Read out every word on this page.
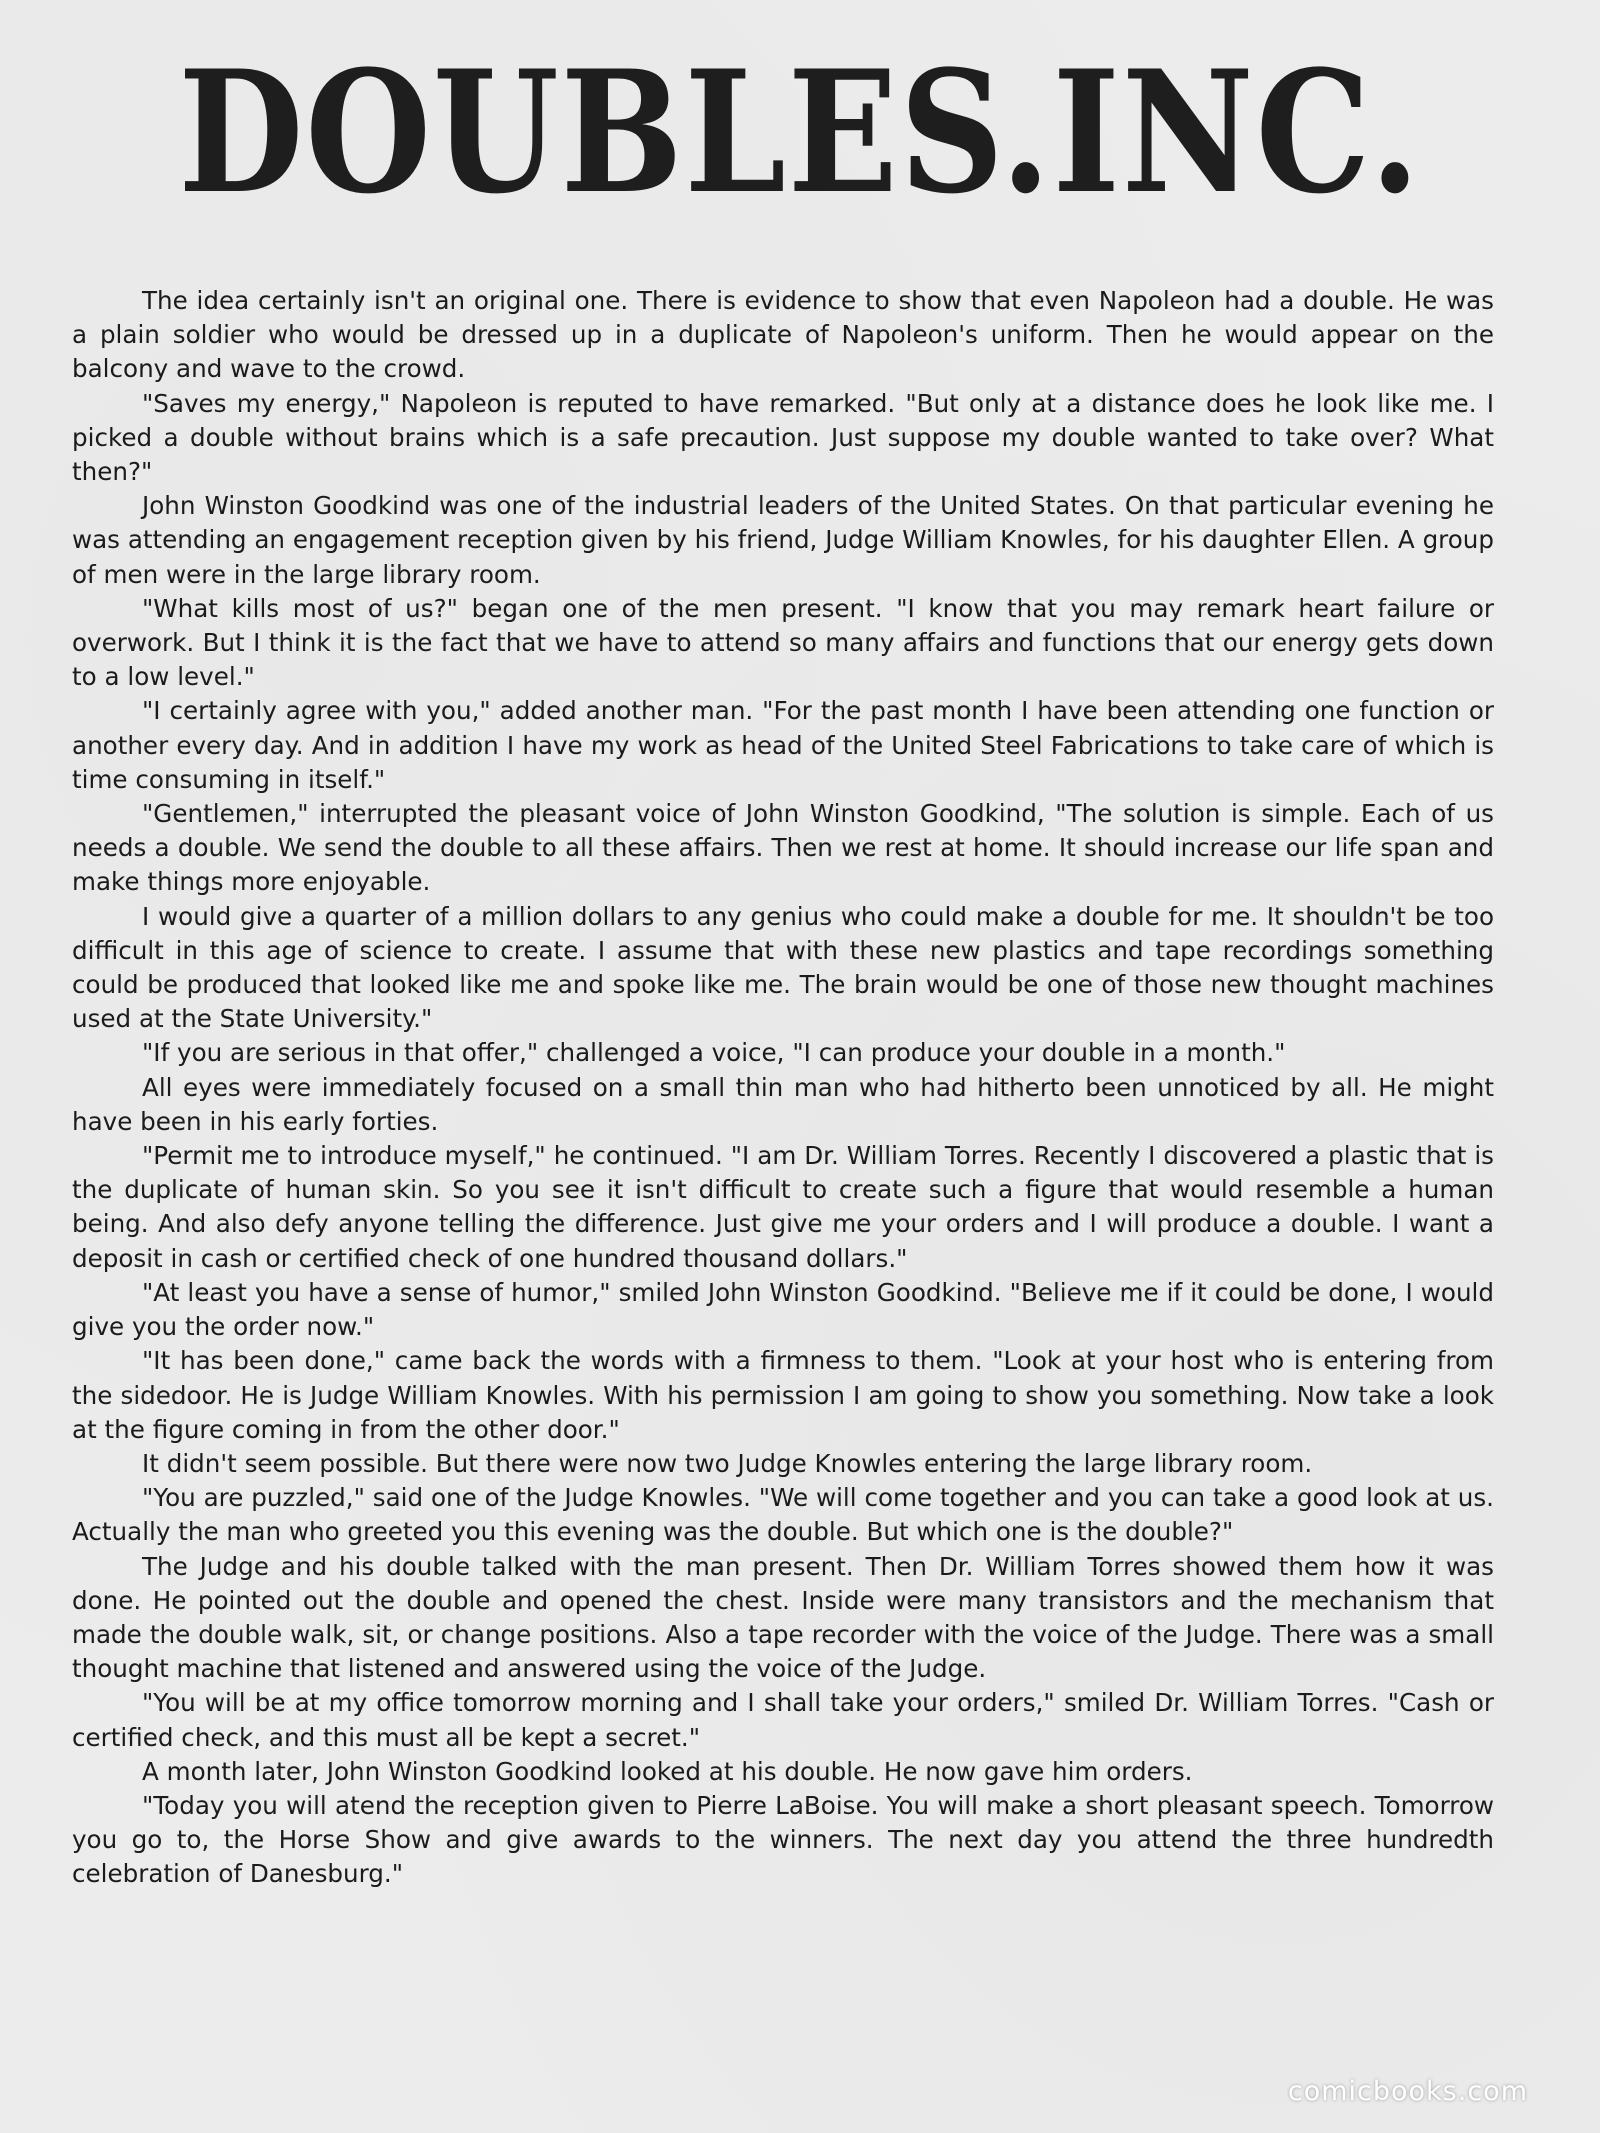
DOUBLES.INC.

The idea certainly isn't an original one. There is evidence to show that even Napoleon had a double. He was a plain soldier who would be dressed up in a duplicate of Napoleon's uniform. Then he would appear on the balcony and wave to the crowd.

"Saves my energy," Napoleon is reputed to have remarked. "But only at a distance does he look like me. I picked a double without brains which is a safe precaution. Just suppose my double wanted to take over? What then?"

John Winston Goodkind was one of the industrial leaders of the United States. On that particular evening he was attending an engagement reception given by his friend, Judge William Knowles, for his daughter Ellen. A group of men were in the large library room.

"What kills most of us?" began one of the men present. "I know that you may remark heart failure or overwork. But I think it is the fact that we have to attend so many affairs and functions that our energy gets down to a low level."

"I certainly agree with you," added another man. "For the past month I have been attending one function or another every day. And in addition I have my work as head of the United Steel Fabrications to take care of which is time consuming in itself."

"Gentlemen," interrupted the pleasant voice of John Winston Goodkind, "The solution is simple. Each of us needs a double. We send the double to all these affairs. Then we rest at home. It should increase our life span and make things more enjoyable.

I would give a quarter of a million dollars to any genius who could make a double for me. It shouldn't be too difficult in this age of science to create. I assume that with these new plastics and tape recordings something could be produced that looked like me and spoke like me. The brain would be one of those new thought machines used at the State University."

"If you are serious in that offer," challenged a voice, "I can produce your double in a month."

All eyes were immediately focused on a small thin man who had hitherto been unnoticed by all. He might have been in his early forties.

"Permit me to introduce myself," he continued. "I am Dr. William Torres. Recently I discovered a plastic that is the duplicate of human skin. So you see it isn't difficult to create such a figure that would resemble a human being. And also defy anyone telling the difference. Just give me your orders and I will produce a double. I want a deposit in cash or certified check of one hundred thousand dollars."

"At least you have a sense of humor," smiled John Winston Goodkind. "Believe me if it could be done, I would give you the order now."

"It has been done," came back the words with a firmness to them. "Look at your host who is entering from the sidedoor. He is Judge William Knowles. With his permission I am going to show you something. Now take a look at the figure coming in from the other door."

It didn't seem possible. But there were now two Judge Knowles entering the large library room.

"You are puzzled," said one of the Judge Knowles. "We will come together and you can take a good look at us. Actually the man who greeted you this evening was the double. But which one is the double?"

The Judge and his double talked with the man present. Then Dr. William Torres showed them how it was done. He pointed out the double and opened the chest. Inside were many transistors and the mechanism that made the double walk, sit, or change positions. Also a tape recorder with the voice of the Judge. There was a small thought machine that listened and answered using the voice of the Judge.

"You will be at my office tomorrow morning and I shall take your orders," smiled Dr. William Torres. "Cash or certified check, and this must all be kept a secret."

A month later, John Winston Goodkind looked at his double. He now gave him orders.

"Today you will atend the reception given to Pierre LaBoise. You will make a short pleasant speech. Tomorrow you go to, the Horse Show and give awards to the winners. The next day you attend the three hundredth celebration of Danesburg."

comicbooks.com
